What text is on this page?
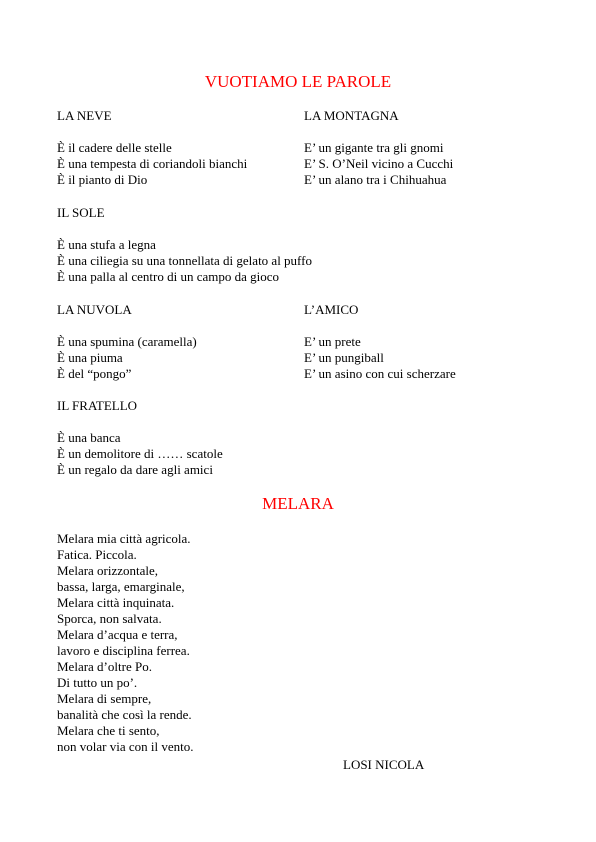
VUOTIAMO LE PAROLE
LA NEVE
È il cadere delle stelle
È una tempesta di coriandoli bianchi
È il pianto di Dio
LA MONTAGNA
E’ un gigante tra gli gnomi
E’ S. O’Neil vicino a Cucchi
E’ un alano tra i Chihuahua
IL SOLE
È una stufa a legna
È una ciliegia su una tonnellata di gelato al puffo
È una palla al centro di un campo da gioco
LA NUVOLA
È una spumina (caramella)
È una piuma
È del “pongo”
L’AMICO
E’ un prete
E’ un pungiball
E’ un asino con cui scherzare
IL FRATELLO
È una banca
È un demolitore di …… scatole
È un regalo da dare agli amici
MELARA
Melara mia città agricola.
Fatica. Piccola.
Melara orizzontale,
bassa, larga, emarginale,
Melara città inquinata.
Sporca, non salvata.
Melara d’acqua e terra,
lavoro e disciplina ferrea.
Melara d’oltre Po.
Di tutto un po’.
Melara di sempre,
banalità che così la rende.
Melara che ti sento,
non volar via con il vento.
LOSI NICOLA
